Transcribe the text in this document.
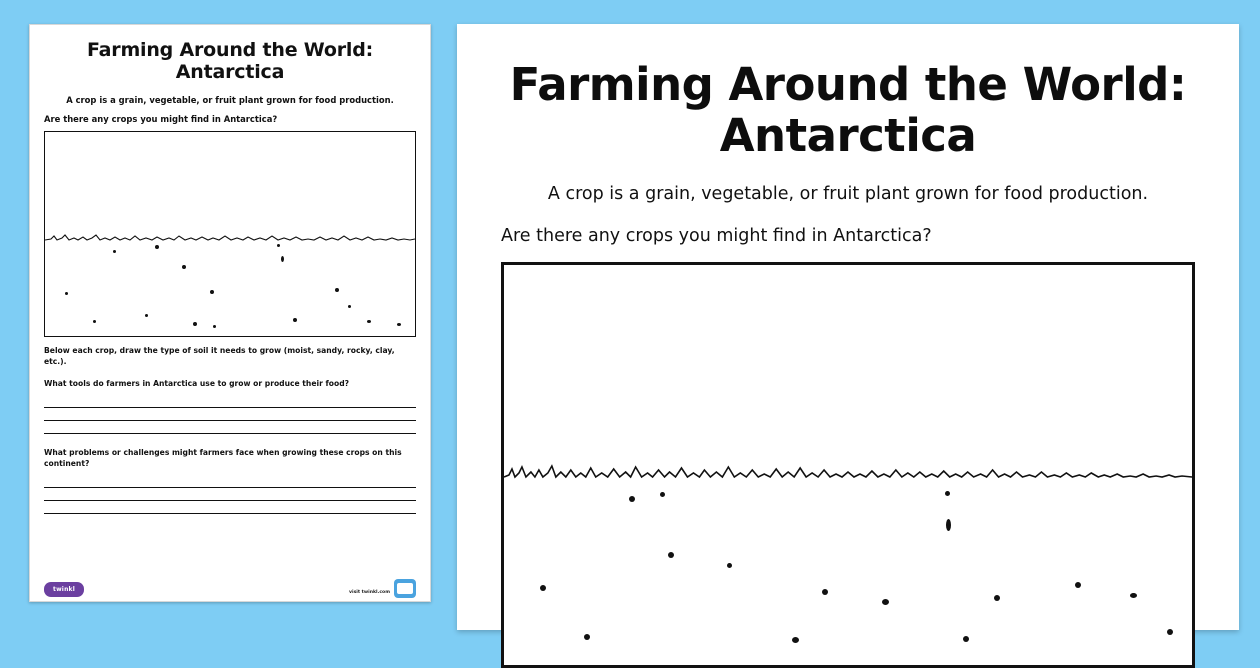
Farming Around the World:
Antarctica
A crop is a grain, vegetable, or fruit plant grown for food production.
Are there any crops you might find in Antarctica?
Below each crop, draw the type of soil it needs to grow (moist, sandy, rocky, clay, etc.).
What tools do farmers in Antarctica use to grow or produce their food?
What problems or challenges might farmers face when growing these crops on this continent?
twinkl	visit twinkl.com
Farming Around the World:
Antarctica
A crop is a grain, vegetable, or fruit plant grown for food production.
Are there any crops you might find in Antarctica?
